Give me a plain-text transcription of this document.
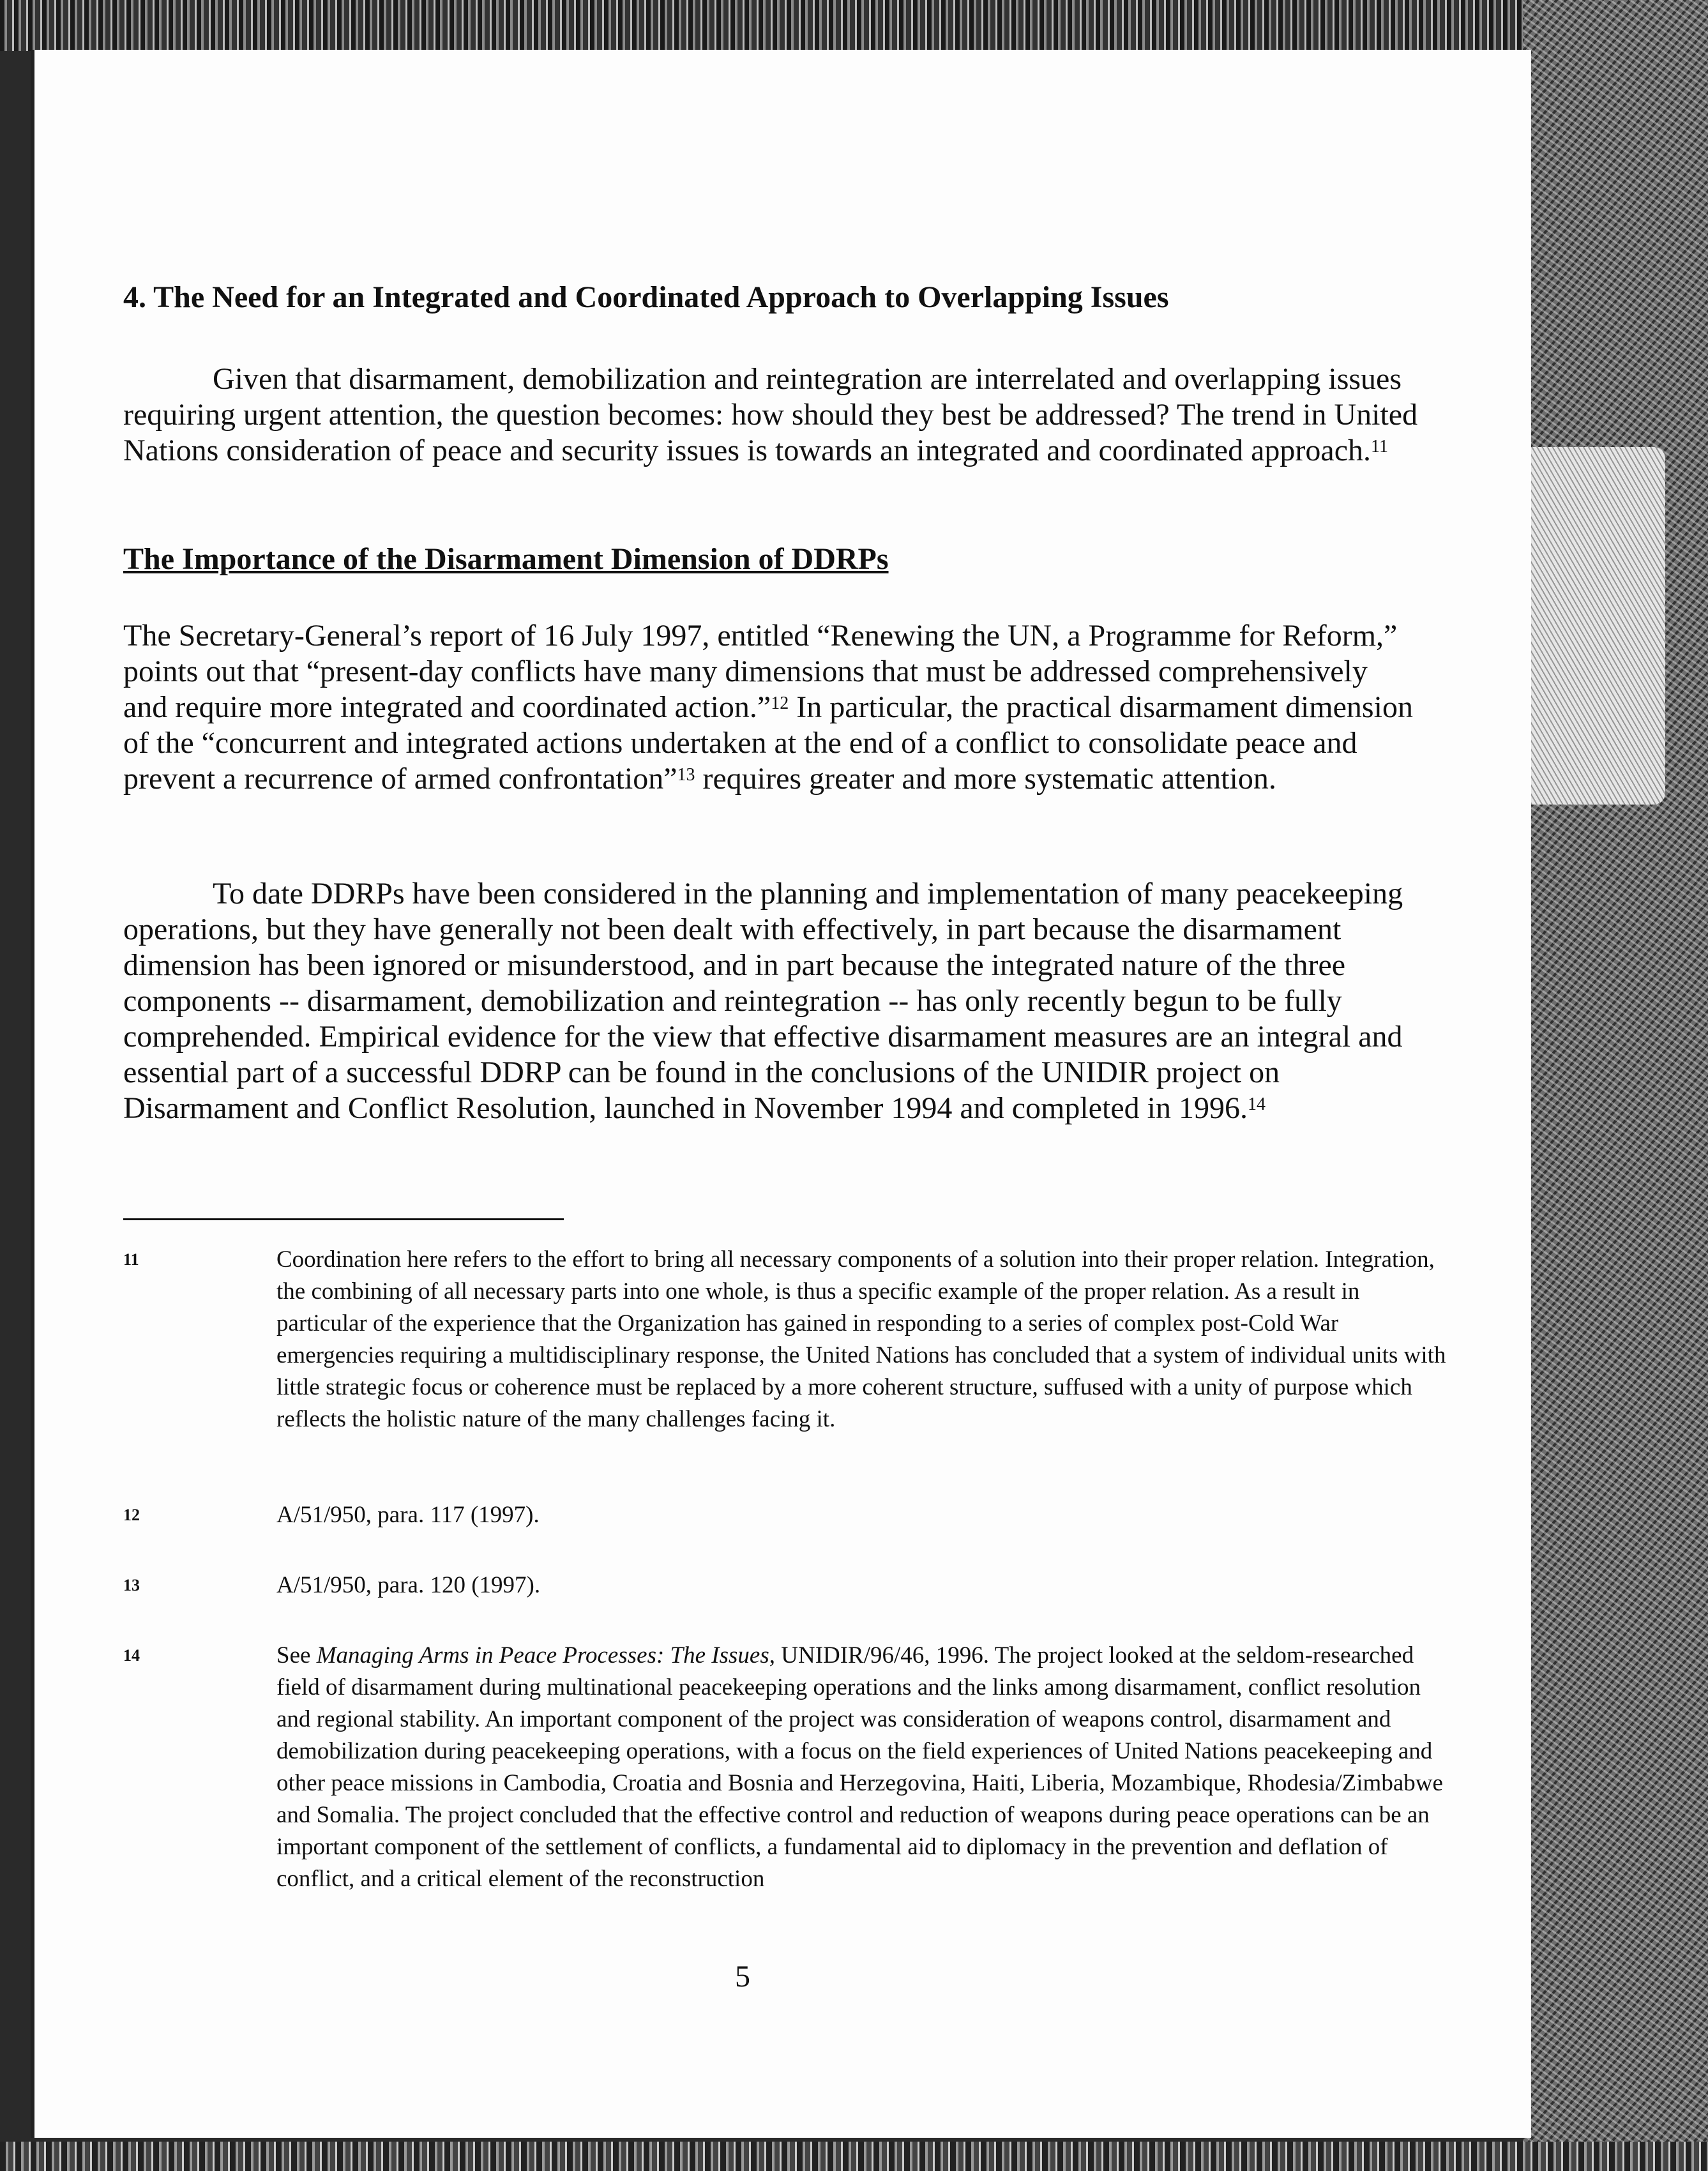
4. The Need for an Integrated and Coordinated Approach to Overlapping Issues

Given that disarmament, demobilization and reintegration are interrelated and overlapping issues requiring urgent attention, the question becomes: how should they best be addressed? The trend in United Nations consideration of peace and security issues is towards an integrated and coordinated approach.$^{11}$

The Importance of the Disarmament Dimension of DDRPs

The Secretary-General’s report of 16 July 1997, entitled “Renewing the UN, a Programme for Reform,” points out that “present-day conflicts have many dimensions that must be addressed comprehensively and require more integrated and coordinated action.”$^{12}$ In particular, the practical disarmament dimension of the “concurrent and integrated actions undertaken at the end of a conflict to consolidate peace and prevent a recurrence of armed confrontation”$^{13}$ requires greater and more systematic attention.

To date DDRPs have been considered in the planning and implementation of many peacekeeping operations, but they have generally not been dealt with effectively, in part because the disarmament dimension has been ignored or misunderstood, and in part because the integrated nature of the three components -- disarmament, demobilization and reintegration -- has only recently begun to be fully comprehended. Empirical evidence for the view that effective disarmament measures are an integral and essential part of a successful DDRP can be found in the conclusions of the UNIDIR project on Disarmament and Conflict Resolution, launched in November 1994 and completed in 1996.14

11	Coordination here refers to the effort to bring all necessary components of a solution into their proper relation. Integration, the combining of all necessary parts into one whole, is thus a specific example of the proper relation. As a result in particular of the experience that the Organization has gained in responding to a series of complex post-Cold War emergencies requiring a multidisciplinary response, the United Nations has concluded that a system of individual units with little strategic focus or coherence must be replaced by a more coherent structure, suffused with a unity of purpose which reflects the holistic nature of the many challenges facing it.
12	A/51/950, para. 117 (1997).
13	A/51/950, para. 120 (1997).
14	See Managing Arms in Peace Processes: The Issues, UNIDIR/96/46, 1996. The project looked at the seldom-researched field of disarmament during multinational peacekeeping operations and the links among disarmament, conflict resolution and regional stability. An important component of the project was consideration of weapons control, disarmament and demobilization during peacekeeping operations, with a focus on the field experiences of United Nations peacekeeping and other peace missions in Cambodia, Croatia and Bosnia and Herzegovina, Haiti, Liberia, Mozambique, Rhodesia/Zimbabwe and Somalia. The project concluded that the effective control and reduction of weapons during peace operations can be an important component of the settlement of conflicts, a fundamental aid to diplomacy in the prevention and deflation of conflict, and a critical element of the reconstruction
5
